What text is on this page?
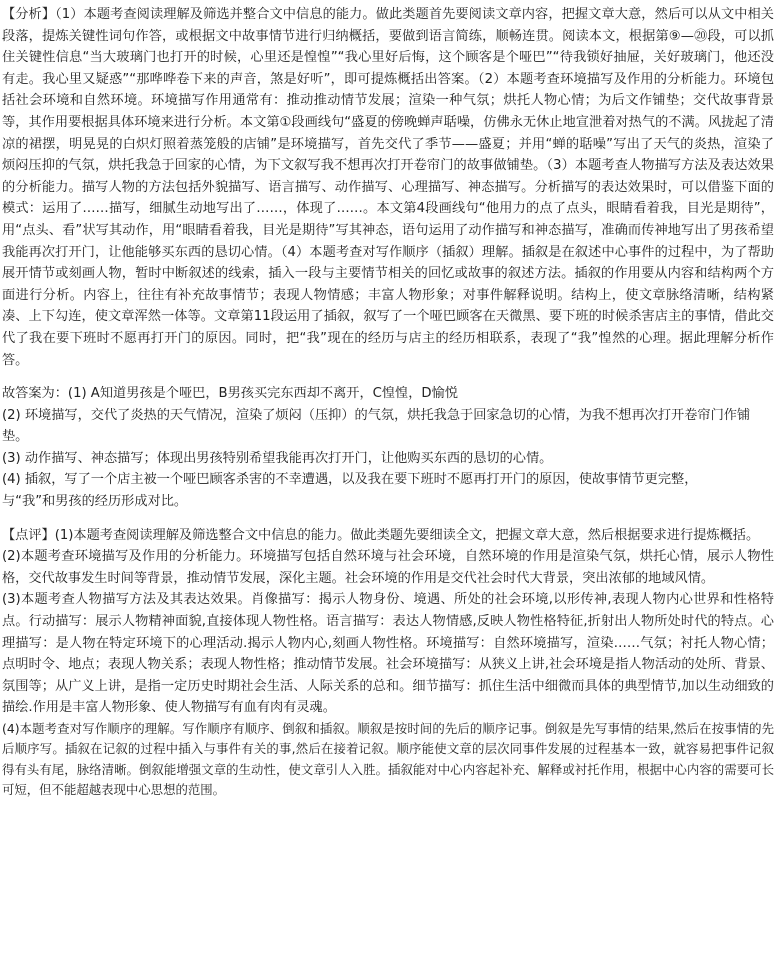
【分析】（1）本题考查阅读理解及筛选并整合文中信息的能力。做此类题首先要阅读文章内容，把握文章大意，然后可以从文中相关段落，提炼关键性词句作答，或根据文中故事情节进行归纳概括，要做到语言简练，顺畅连贯。阅读本文，根据第⑨—⑳段，可以抓住关键性信息“当大玻璃门也打开的时候，心里还是惶惶”“我心里好后悔，这个顾客是个哑巴”“待我锁好抽屉，关好玻璃门，他还没有走。我心里又疑惑”“那哗哗卷下来的声音，煞是好听”，即可提炼概括出答案。（2）本题考查环境描写及作用的分析能力。环境包括社会环境和自然环境。环境描写作用通常有：推动推动情节发展；渲染一种气氛；烘托人物心情；为后文作铺垫；交代故事背景等，其作用要根据具体环境来进行分析。本文第①段画线句“盛夏的傍晚蝉声聒噪，仿佛永无休止地宣泄着对热气的不满。风拢起了清凉的裙摆，明晃晃的白炽灯照着蒸笼般的店铺”是环境描写，首先交代了季节——盛夏；并用“蝉的聒噪”写出了天气的炎热，渲染了烦闷压抑的气氛，烘托我急于回家的心情，为下文叙写我不想再次打开卷帘门的故事做铺垫。（3）本题考查人物描写方法及表达效果的分析能力。描写人物的方法包括外貌描写、语言描写、动作描写、心理描写、神态描写。分析描写的表达效果时，可以借鉴下面的模式：运用了……描写，细腻生动地写出了……，体现了……。本文第4段画线句“他用力的点了点头，眼睛看着我，目光是期待”，用“点头、看”状写其动作，用“眼睛看着我，目光是期待”写其神态，语句运用了动作描写和神态描写，准确而传神地写出了男孩希望我能再次打开门，让他能够买东西的恳切心情。（4）本题考查对写作顺序（插叙）理解。插叙是在叙述中心事件的过程中，为了帮助展开情节或刻画人物，暂时中断叙述的线索，插入一段与主要情节相关的回忆或故事的叙述方法。插叙的作用要从内容和结构两个方面进行分析。内容上，往往有补充故事情节；表现人物情感；丰富人物形象；对事件解释说明。结构上，使文章脉络清晰，结构紧凑、上下勾连，使文章浑然一体等。文章第11段运用了插叙，叙写了一个哑巴顾客在天微黑、要下班的时候杀害店主的事情，借此交代了我在要下班时不愿再打开门的原因。同时，把“我”现在的经历与店主的经历相联系，表现了“我”惶然的心理。据此理解分析作答。

故答案为：(1) A知道男孩是个哑巴，B男孩买完东西却不离开，C惶惶，D愉悦

(2) 环境描写，交代了炎热的天气情况，渲染了烦闷（压抑）的气氛，烘托我急于回家急切的心情，为我不想再次打开卷帘门作铺垫。

(3) 动作描写、神态描写；体现出男孩特别希望我能再次打开门，让他购买东西的恳切的心情。

(4) 插叙，写了一个店主被一个哑巴顾客杀害的不幸遭遇，以及我在要下班时不愿再打开门的原因，使故事情节更完整，

与“我”和男孩的经历形成对比。

【点评】(1)本题考查阅读理解及筛选整合文中信息的能力。做此类题先要细读全文，把握文章大意，然后根据要求进行提炼概括。

(2)本题考查环境描写及作用的分析能力。环境描写包括自然环境与社会环境，自然环境的作用是渲染气氛，烘托心情，展示人物性格，交代故事发生时间等背景，推动情节发展，深化主题。社会环境的作用是交代社会时代大背景，突出浓郁的地域风情。

(3)本题考查人物描写方法及其表达效果。肖像描写：揭示人物身份、境遇、所处的社会环境,以形传神,表现人物内心世界和性格特点。行动描写：展示人物精神面貌,直接体现人物性格。语言描写：表达人物情感,反映人物性格特征,折射出人物所处时代的特点。心理描写：是人物在特定环境下的心理活动.揭示人物内心,刻画人物性格。环境描写：自然环境描写，渲染……气氛；衬托人物心情；点明时令、地点；表现人物关系；表现人物性格；推动情节发展。社会环境描写：从狭义上讲,社会环境是指人物活动的处所、背景、氛围等；从广义上讲，是指一定历史时期社会生活、人际关系的总和。细节描写：抓住生活中细微而具体的典型情节,加以生动细致的描绘.作用是丰富人物形象、使人物描写有血有肉有灵魂。

(4)本题考查对写作顺序的理解。写作顺序有顺序、倒叙和插叙。顺叙是按时间的先后的顺序记事。倒叙是先写事情的结果,然后在按事情的先后顺序写。插叙在记叙的过程中插入与事件有关的事,然后在接着记叙。顺序能使文章的层次同事件发展的过程基本一致，就容易把事件记叙得有头有尾，脉络清晰。倒叙能增强文章的生动性，使文章引人入胜。插叙能对中心内容起补充、解释或衬托作用，根据中心内容的需要可长可短，但不能超越表现中心思想的范围。
